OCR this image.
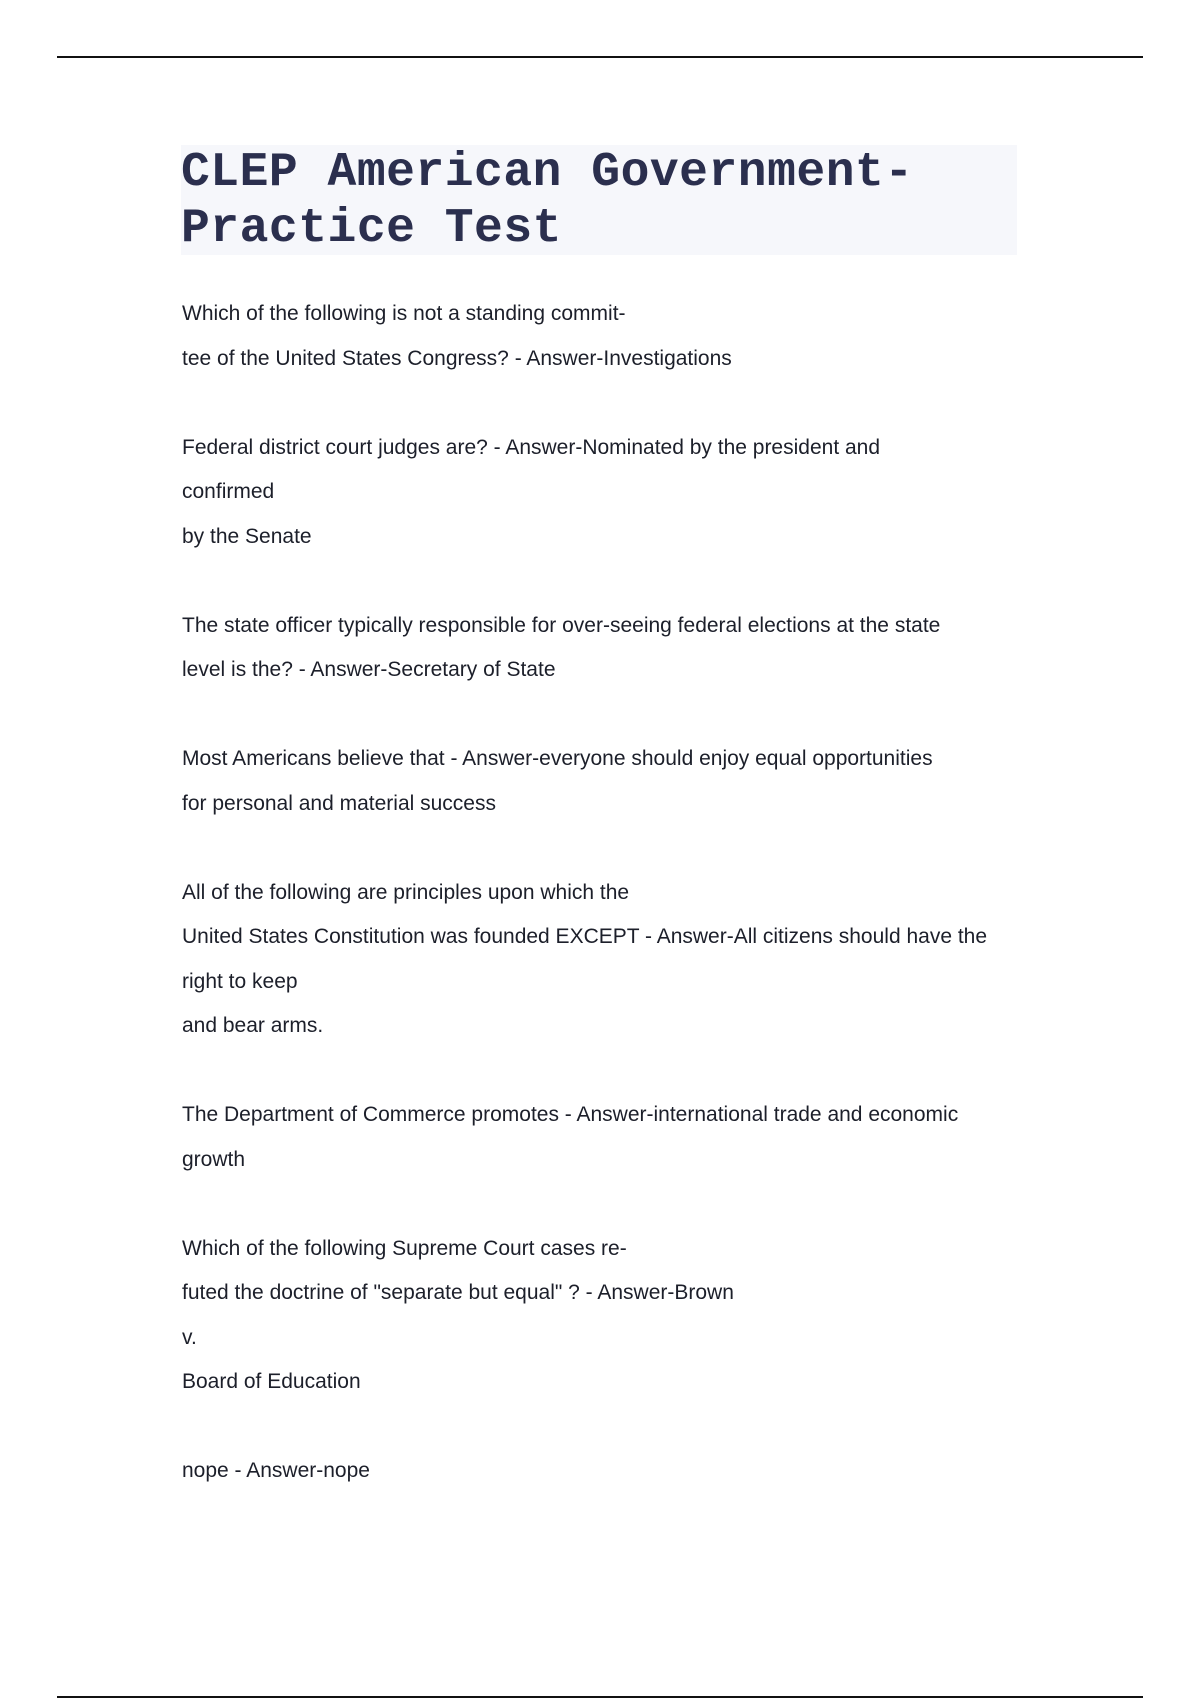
CLEP American Government-
Practice Test

Which of the following is not a standing commit-
tee of the United States Congress? - Answer-Investigations

Federal district court judges are? - Answer-Nominated by the president and
confirmed
by the Senate

The state officer typically responsible for over-seeing federal elections at the state
level is the? - Answer-Secretary of State

Most Americans believe that - Answer-everyone should enjoy equal opportunities
for personal and material success

All of the following are principles upon which the
United States Constitution was founded EXCEPT - Answer-All citizens should have the
right to keep
and bear arms.

The Department of Commerce promotes - Answer-international trade and economic
growth

Which of the following Supreme Court cases re-
futed the doctrine of "separate but equal" ? - Answer-Brown
v.
Board of Education

nope - Answer-nope
